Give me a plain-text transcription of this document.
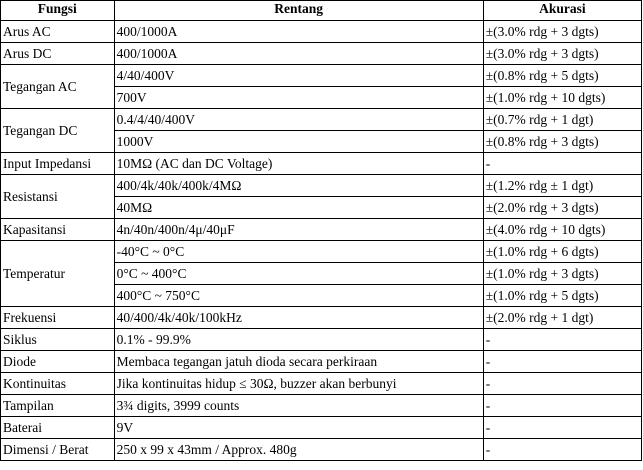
Fungsi	Rentang	Akurasi
Arus AC	400/1000A	±(3.0% rdg + 3 dgts)
Arus DC	400/1000A	±(3.0% rdg + 3 dgts)
Tegangan AC	4/40/400V	±(0.8% rdg + 5 dgts)
	700V	±(1.0% rdg + 10 dgts)
Tegangan DC	0.4/4/40/400V	±(0.7% rdg + 1 dgt)
	1000V	±(0.8% rdg + 3 dgts)
Input Impedansi	10MΩ (AC dan DC Voltage)	-
Resistansi	400/4k/40k/400k/4MΩ	±(1.2% rdg ± 1 dgt)
	40MΩ	±(2.0% rdg + 3 dgts)
Kapasitansi	4n/40n/400n/4μ/40μF	±(4.0% rdg + 10 dgts)
Temperatur	-40°C ~ 0°C	±(1.0% rdg + 6 dgts)
	0°C ~ 400°C	±(1.0% rdg + 3 dgts)
	400°C ~ 750°C	±(1.0% rdg + 5 dgts)
Frekuensi	40/400/4k/40k/100kHz	±(2.0% rdg + 1 dgt)
Siklus	0.1% - 99.9%	-
Diode	Membaca tegangan jatuh dioda secara perkiraan	-
Kontinuitas	Jika kontinuitas hidup ≤ 30Ω, buzzer akan berbunyi	-
Tampilan	3¾ digits, 3999 counts	-
Baterai	9V	-
Dimensi / Berat	250 x 99 x 43mm / Approx. 480g	-
